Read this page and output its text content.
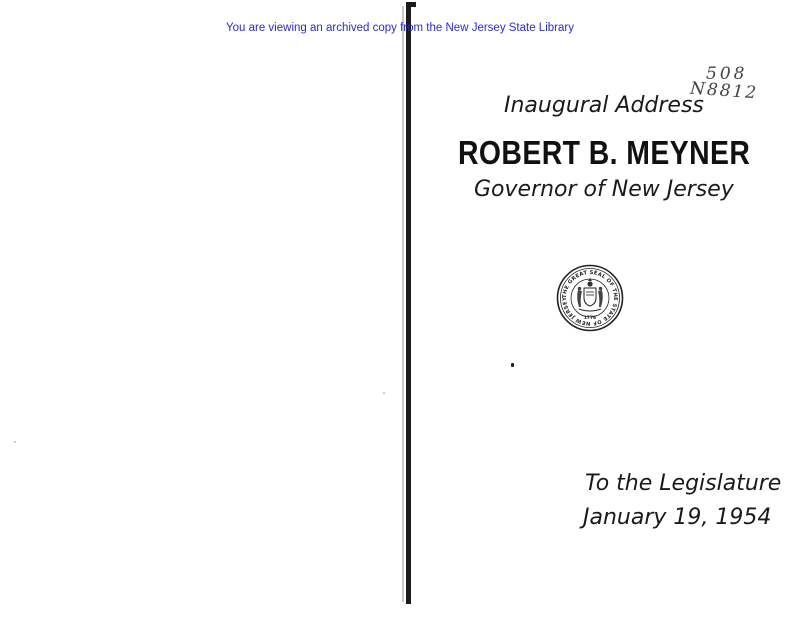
You are viewing an archived copy from the New Jersey State Library
508
N8812
Inaugural Address
ROBERT B. MEYNER
Governor of New Jersey
THE GREAT SEAL OF THE STATE OF NEW JERSEY
1776
To the Legislature
January 19, 1954
